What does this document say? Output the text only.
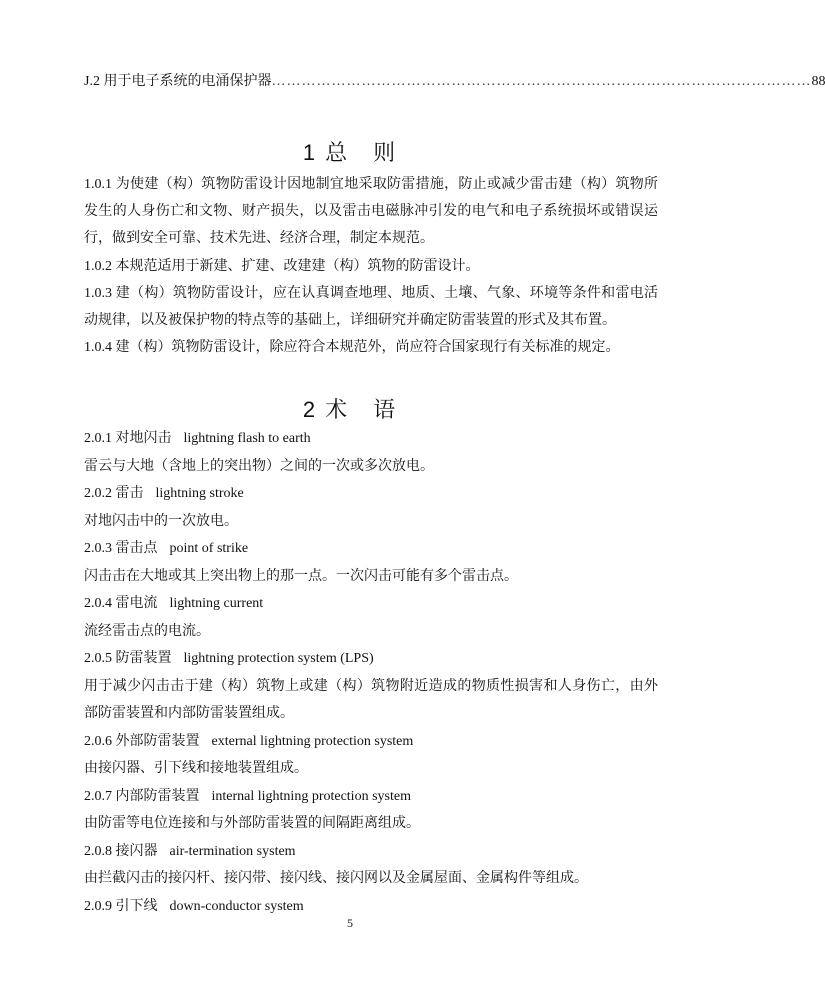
J.2 用于电子系统的电涌保护器 ……………………………………………………………………………………………… 88
1 总　则
1.0.1 为使建（构）筑物防雷设计因地制宜地采取防雷措施，防止或减少雷击建（构）筑物所
发生的人身伤亡和文物、财产损失，以及雷击电磁脉冲引发的电气和电子系统损坏或错误运
行，做到安全可靠、技术先进、经济合理，制定本规范。
1.0.2 本规范适用于新建、扩建、改建建（构）筑物的防雷设计。
1.0.3 建（构）筑物防雷设计，应在认真调查地理、地质、土壤、气象、环境等条件和雷电活
动规律，以及被保护物的特点等的基础上，详细研究并确定防雷装置的形式及其布置。
1.0.4 建（构）筑物防雷设计，除应符合本规范外，尚应符合国家现行有关标准的规定。
2 术　语
2.0.1 对地闪击 lightning flash to earth
雷云与大地（含地上的突出物）之间的一次或多次放电。
2.0.2 雷击 lightning stroke
对地闪击中的一次放电。
2.0.3 雷击点 point of strike
闪击击在大地或其上突出物上的那一点。一次闪击可能有多个雷击点。
2.0.4 雷电流 lightning current
流经雷击点的电流。
2.0.5 防雷装置 lightning protection system (LPS)
用于减少闪击击于建（构）筑物上或建（构）筑物附近造成的物质性损害和人身伤亡，由外
部防雷装置和内部防雷装置组成。
2.0.6 外部防雷装置 external lightning protection system
由接闪器、引下线和接地装置组成。
2.0.7 内部防雷装置 internal lightning protection system
由防雷等电位连接和与外部防雷装置的间隔距离组成。
2.0.8 接闪器 air-termination system
由拦截闪击的接闪杆、接闪带、接闪线、接闪网以及金属屋面、金属构件等组成。
2.0.9 引下线 down-conductor system
5
